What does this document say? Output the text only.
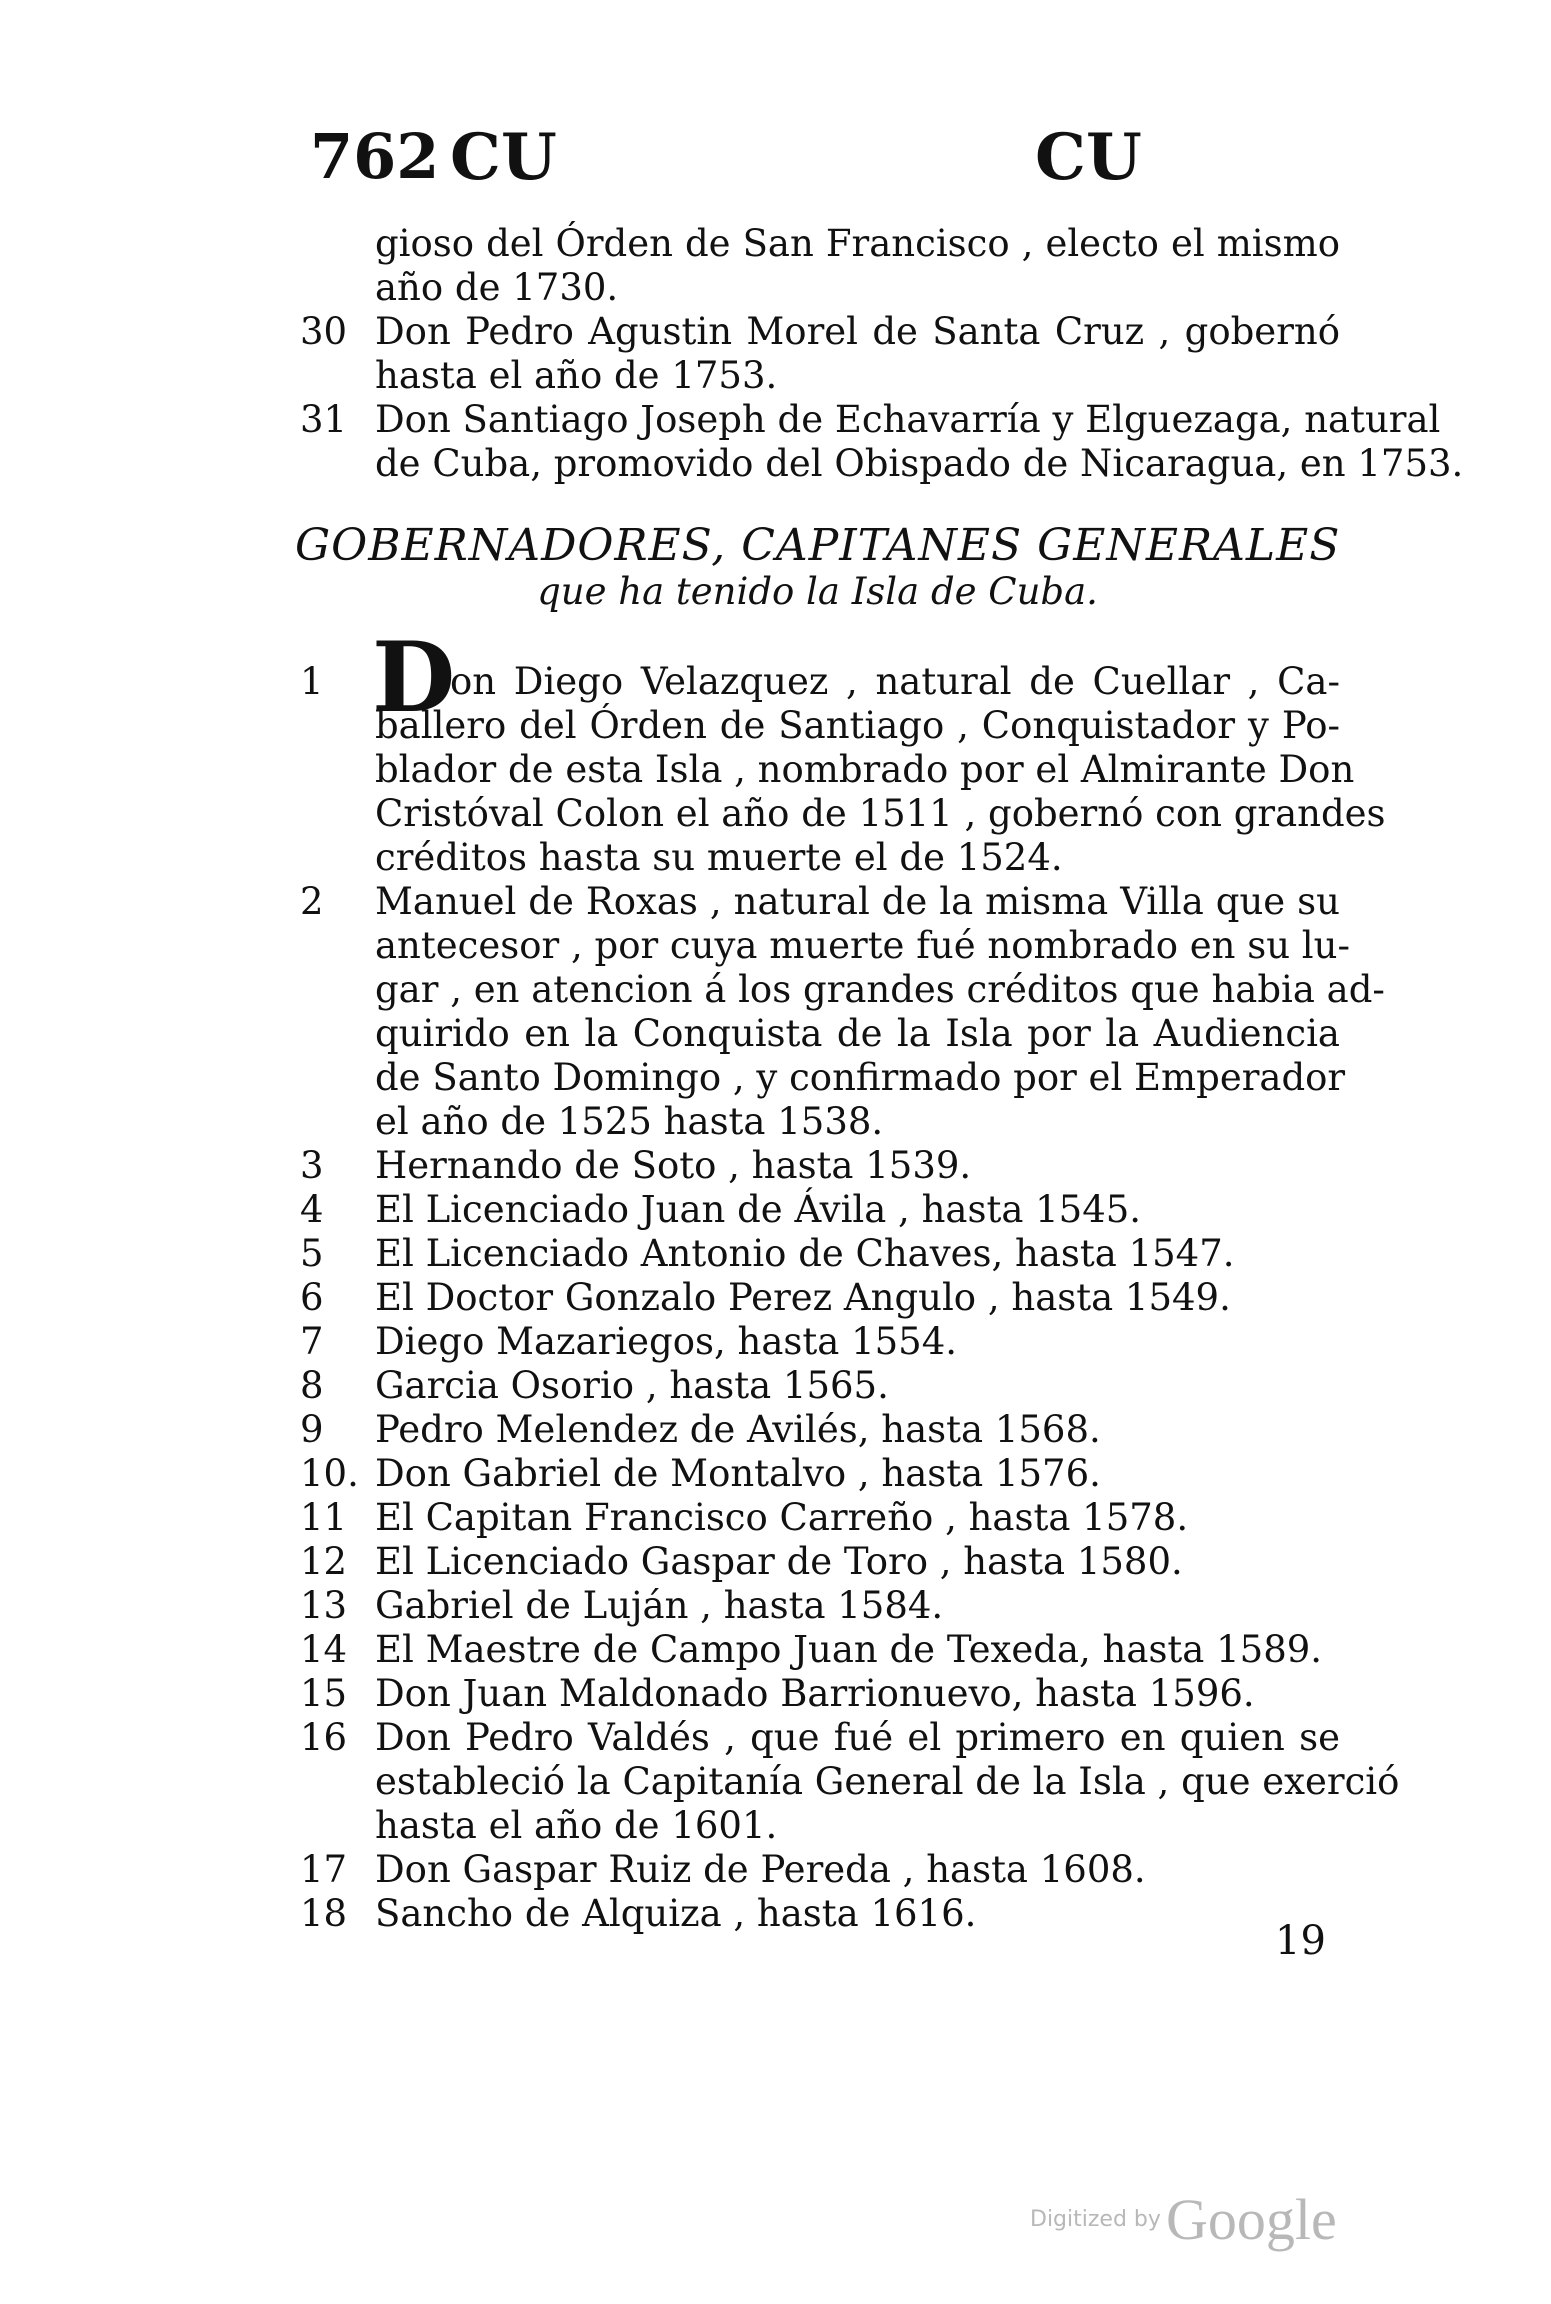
762 CU	CU
gioso del Órden de San Francisco , electo el mismo
año de 1730.
30 Don Pedro Agustin Morel de Santa Cruz , gobernó
hasta el año de 1753.
31 Don Santiago Joseph de Echavarría y Elguezaga, natural
de Cuba, promovido del Obispado de Nicaragua, en 1753.
GOBERNADORES, CAPITANES GENERALES
que ha tenido la Isla de Cuba.
D
1	on Diego Velazquez , natural de Cuellar , Ca-
ballero del Órden de Santiago , Conquistador y Po-
blador de esta Isla , nombrado por el Almirante Don
Cristóval Colon el año de 1511 , gobernó con grandes
créditos hasta su muerte el de 1524.
2	Manuel de Roxas , natural de la misma Villa que su
antecesor , por cuya muerte fué nombrado en su lu-
gar , en atencion á los grandes créditos que habia ad-
quirido en la Conquista de la Isla por la Audiencia
de Santo Domingo , y confirmado por el Emperador
el año de 1525 hasta 1538.
3	Hernando de Soto , hasta 1539.
4	El Licenciado Juan de Ávila , hasta 1545.
5	El Licenciado Antonio de Chaves, hasta 1547.
6	El Doctor Gonzalo Perez Angulo , hasta 1549.
7	Diego Mazariegos, hasta 1554.
8	Garcia Osorio , hasta 1565.
9	Pedro Melendez de Avilés, hasta 1568.
10. Don Gabriel de Montalvo , hasta 1576.
11 El Capitan Francisco Carreño , hasta 1578.
12 El Licenciado Gaspar de Toro , hasta 1580.
13 Gabriel de Luján , hasta 1584.
14 El Maestre de Campo Juan de Texeda, hasta 1589.
15 Don Juan Maldonado Barrionuevo, hasta 1596.
16 Don Pedro Valdés , que fué el primero en quien se
estableció la Capitanía General de la Isla , que exerció
hasta el año de 1601.
17 Don Gaspar Ruiz de Pereda , hasta 1608.
18 Sancho de Alquiza , hasta 1616.
19
Digitized by Google
